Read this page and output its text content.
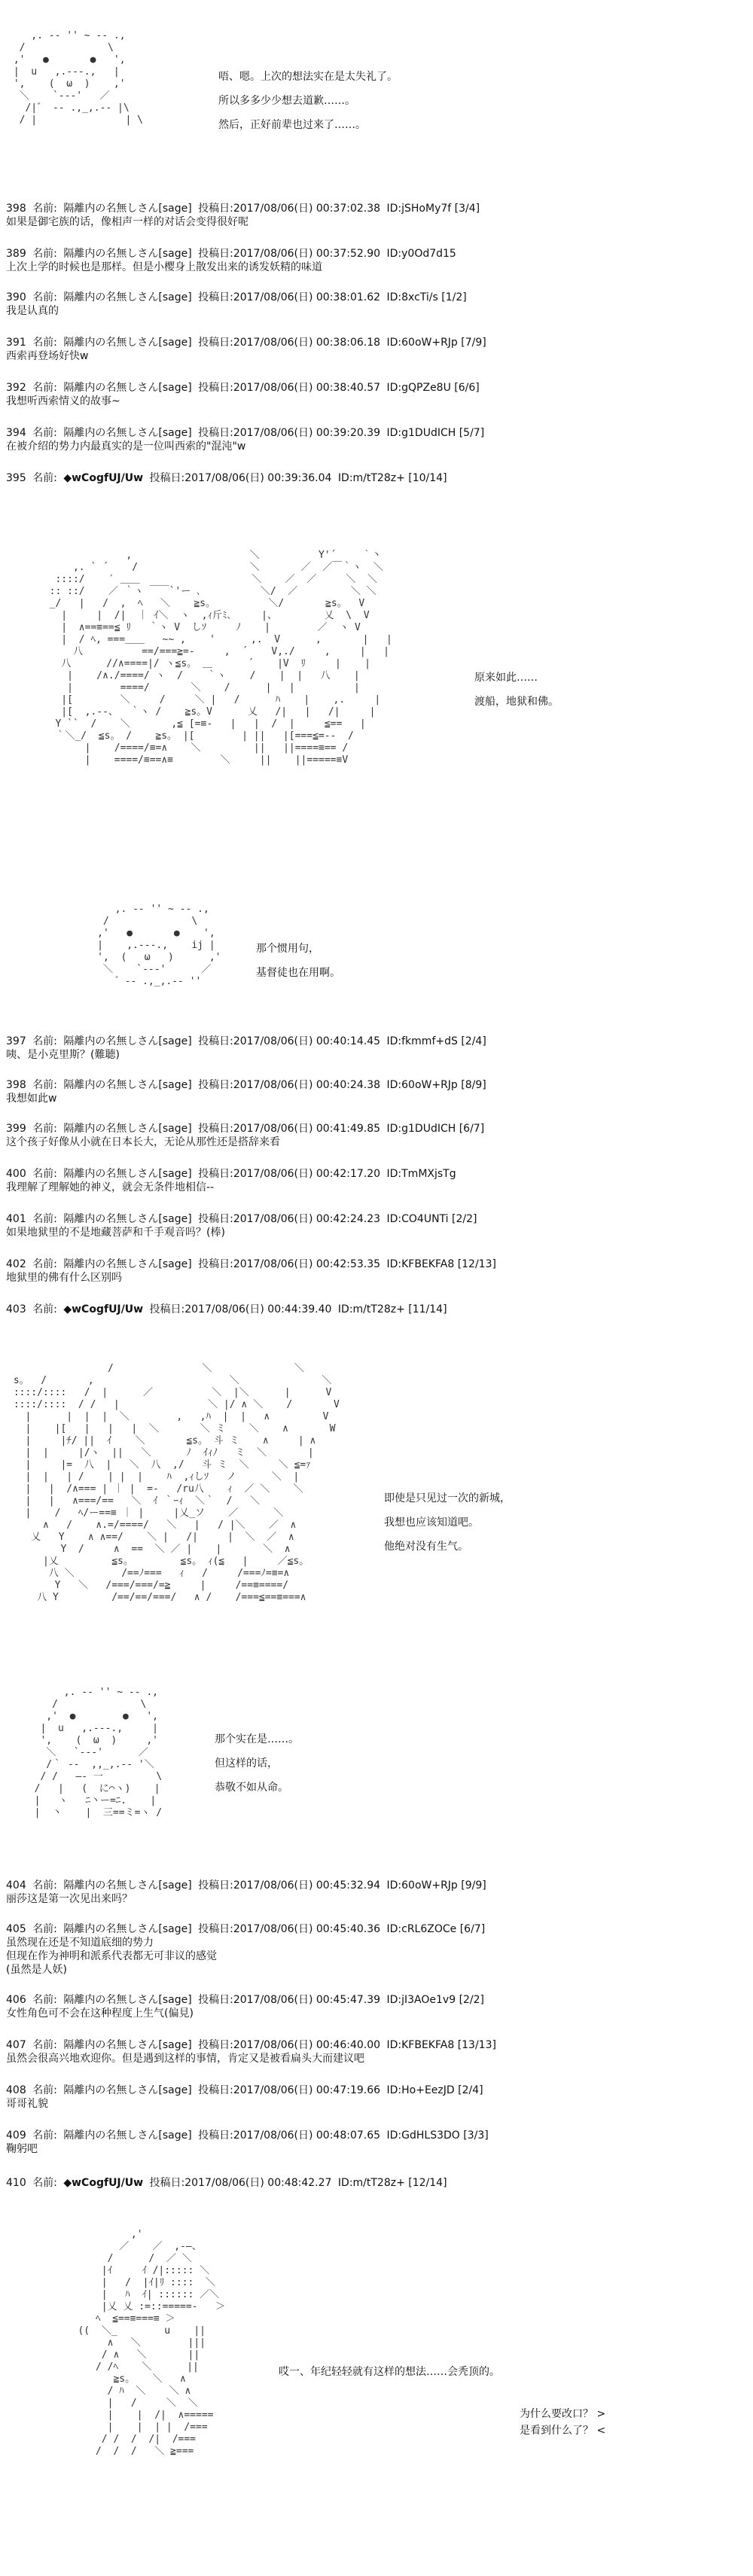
,. -‐ '' ~ ‐- .,
/              \
,'   ●       ●   ',
|  u   ,.-‐-.,   |
',    (  ω  )    ,'
＼    `‐-‐'   ／
/|゛ ‐- .,_,.-‐ |\
/ |               | \
唔、嗯。上次的想法实在是太失礼了。
所以多多少少想去道歉……。
然后，正好前辈也过来了……。
398 名前: 隔離内の名無しさん[sage] 投稿日:2017/08/06(日) 00:37:02.38 ID:jSHoMy7f [3/4]
如果是御宅族的话，像相声一样的对话会变得很好呢
389 名前: 隔離内の名無しさん[sage] 投稿日:2017/08/06(日) 00:37:52.90 ID:y0Od7d15
上次上学的时候也是那样。但是小樱身上散发出来的诱发妖精的味道
390 名前: 隔離内の名無しさん[sage] 投稿日:2017/08/06(日) 00:38:01.62 ID:8xcTi/s [1/2]
我是认真的
391 名前: 隔離内の名無しさん[sage] 投稿日:2017/08/06(日) 00:38:06.18 ID:60oW+RJp [7/9]
西索再登场好快w
392 名前: 隔離内の名無しさん[sage] 投稿日:2017/08/06(日) 00:38:40.57 ID:gQPZe8U [6/6]
我想听西索情义的故事~
394 名前: 隔離内の名無しさん[sage] 投稿日:2017/08/06(日) 00:39:20.39 ID:g1DUdICH [5/7]
在被介绍的势力内最真实的是一位叫西索的"混沌"w
395 名前: ◆wCogfUJ/Uw 投稿日:2017/08/06(日) 00:39:36.04 ID:m/tT28z+ [10/14]
,                    ＼          Y'´￣￣ ｀丶
,. ` ´    /                   ＼       ／  ／￣｀ヽ  ＼
::::/    ′ ＿＿                   ＼    ／  ／     ＼  ＼
:: ::/    ／ ｀ヽ ￣￣`'ー ､          ＼/  ／         ＼ ＼
_/   |   /  ,  ﾍ   ＼    ≧s。         ＼/       ≧s。  V
|     |  /|  ｜ ｲ＼  ヽ  ,ｨ斤ﾐ､     |、        乂  \  V
|  ∧==≡==≦ ﾘ   ｀ヽ V  しｿ     ﾉ    |        ／  ヽ V
|  / ﾍ, ===＿＿   ~~ ,    '      ,.  V      ,       |   |
八          ==/===≧=-     ,  ´    V,./     ,     |   |
八      //∧====|/ ヽ≦s。 ＿      ´    |V  ﾘ     |    |
|    /∧./====/ ヽ  /    ｀ヽ    /    |  |   八    |
|        ====/       ＼    /      |   |          |
|[        ＼     /     ＼ |   /      ﾊ    |    ,.     |
|[  ,.--、  ｀ヽ /    ≧s。V      乂   /|   |   /|     |
Y ``  /    ＼       ,≦ [=≡-   |   |  /  |     ≦==   |
｀＼_/  ≦s。 /    ≧s。 |[        | ||   |[===≦=--  /
|    /====/≡=∧    ＼         ||   ||====≡== /
|    ====/≡==∧≡        ＼     ||    ||=====≡V
原来如此……
渡船，地狱和佛。
,. -‐ '' ~ ‐- .,
/              \
,'   ●       ●    ',
|    ,.-‐-.,    ij |
',  (   ω   )      ,'
＼    `‐-‐'      ／
゛‐- .,_,.-‐ ''
那个惯用句，
基督徒也在用啊。
397 名前: 隔離内の名無しさん[sage] 投稿日:2017/08/06(日) 00:40:14.45 ID:fkmmf+dS [2/4]
咦、是小克里斯？(難聴)
398 名前: 隔離内の名無しさん[sage] 投稿日:2017/08/06(日) 00:40:24.38 ID:60oW+RJp [8/9]
我想如此w
399 名前: 隔離内の名無しさん[sage] 投稿日:2017/08/06(日) 00:41:49.85 ID:g1DUdICH [6/7]
这个孩子好像从小就在日本长大，无论从那性还是搭辞来看
400 名前: 隔離内の名無しさん[sage] 投稿日:2017/08/06(日) 00:42:17.20 ID:TmMXjsTg
我理解了理解她的神义，就会无条件地相信--
401 名前: 隔離内の名無しさん[sage] 投稿日:2017/08/06(日) 00:42:24.23 ID:CO4UNTi [2/2]
如果地狱里的不是地藏菩萨和千手观音吗？(棒)
402 名前: 隔離内の名無しさん[sage] 投稿日:2017/08/06(日) 00:42:53.35 ID:KFBEKFA8 [12/13]
地狱里的佛有什么区别吗
403 名前: ◆wCogfUJ/Uw 投稿日:2017/08/06(日) 00:44:39.40 ID:m/tT28z+ [11/14]
/               ＼              ＼
s。  /       ,                       ＼              ＼
::::/::::   /  |      ／          ＼  |＼      |      V
::::/::::  / /   |               ＼ |/ ∧ ＼    /       V
|      |  |  |  ＼        ,   ,ﾊ  |  |   ∧         V
|    |[   |   |   |  ＼       ＼ ミ    ＼    ∧       W
|     |ﾁ/ ||  ｲ    ＼       ≦s。 斗 ミ    ∧     | ∧
|  |     |/ヽ  ||   ＼      ﾉ  ｲｨﾉ   ミ  ＼       |
|     |=  八  |   ＼  八  ,/   斗 ミ  ＼     ＼ ≦=ｧ
|  |   | /    | |  |    ﾊ  ,ｨしｿ   ノ      ＼  |
|   |  /∧=== | ｜ |  =-   /ru八    ｨ  ／ ＼    ＼
|   |   ∧===/==   ＼  ｲ ｀ｰｨ  ＼｀  /   ＼
|    /   ﾍ/ー==≡ ｜ |     |乂_ソ    ／      ＼
∧   /    ∧.=/====/   ＼   |   / |＼    ／  ∧
乂   Y    ∧ ∧==/    ＼ |   /|     |  ＼  ／  ∧
Y  /     ∧  ==  ＼ ／ |    |       ＼  ∧
|乂         ≦s。        ≦s。 ｨ(≦   |     ／≦s。
八 ＼        /==ﾉ===   ｨ   /     /===ﾉ=≡=∧
Y   ＼   /===/===/=≧     |     /==≡====/
八 Y         /==/==/===/   ∧ /    /===≦==≡===∧
即使是只见过一次的新城，
我想也应该知道吧。
他绝对没有生气。
,. -‐ '' ~ ‐- .,
/              \
,'  ●        ●   ',
|  u   ,.-‐-.,     |
',    (  ω  )     ,'
＼   `‐-‐'      ／
/｀ ‐-  ,,_,.-‐ '＼
/ /   ―- 一         \
/   |   (  に⌒ヽ)    |
|   ヽ   ﾆ丶ー=ﾆ.    |
|  丶    |  三==ミ=ヽ /
那个实在是……。
但这样的话，
恭敬不如从命。
404 名前: 隔離内の名無しさん[sage] 投稿日:2017/08/06(日) 00:45:32.94 ID:60oW+RJp [9/9]
丽莎这是第一次见出来吗？
405 名前: 隔離内の名無しさん[sage] 投稿日:2017/08/06(日) 00:45:40.36 ID:cRL6ZOCe [6/7]
虽然现在还是不知道底细的势力
但现在作为神明和派系代表都无可非议的感觉
(虽然是人妖)
406 名前: 隔離内の名無しさん[sage] 投稿日:2017/08/06(日) 00:45:47.39 ID:jI3AOe1v9 [2/2]
女性角色可不会在这种程度上生气(偏見)
407 名前: 隔離内の名無しさん[sage] 投稿日:2017/08/06(日) 00:46:40.00 ID:KFBEKFA8 [13/13]
虽然会很高兴地欢迎你。但是遇到这样的事情，肯定又是被看扁头大而建议吧
408 名前: 隔離内の名無しさん[sage] 投稿日:2017/08/06(日) 00:47:19.66 ID:Ho+EezJD [2/4]
哥哥礼貌
409 名前: 隔離内の名無しさん[sage] 投稿日:2017/08/06(日) 00:48:07.65 ID:GdHLS3DO [3/3]
鞠躬吧
410 名前: ◆wCogfUJ/Uw 投稿日:2017/08/06(日) 00:48:42.27 ID:m/tT28z+ [12/14]
,'
／    ／  ,-―、
/      /  ／ ＼
|ｲ     ｲ /|::::: ＼
|   /  |ｲ|ﾘ ::::  ＼
|   ﾊ  ｲ| :::::: ／＼
|乂 乂 :=::=====-   ＞
ﾍ  ≦==≡===≡ ＞
((  ＼_        u    ||
∧   ＼        |||
/ ∧   ＼       ||
/ /ﾍ    ＼      ||
≧s。   ＼   ∧
/ ﾊ  ＼    ＼ ∧
|   /     ＼  ＼
|    |  /|  ∧=====
|    |  | |  /===
/ /  /  /|  /===
/  /  /   ＼ ≧===
哎一、年纪轻轻就有这样的想法……会秃顶的。
为什么要改口？ >
是看到什么了？ <
